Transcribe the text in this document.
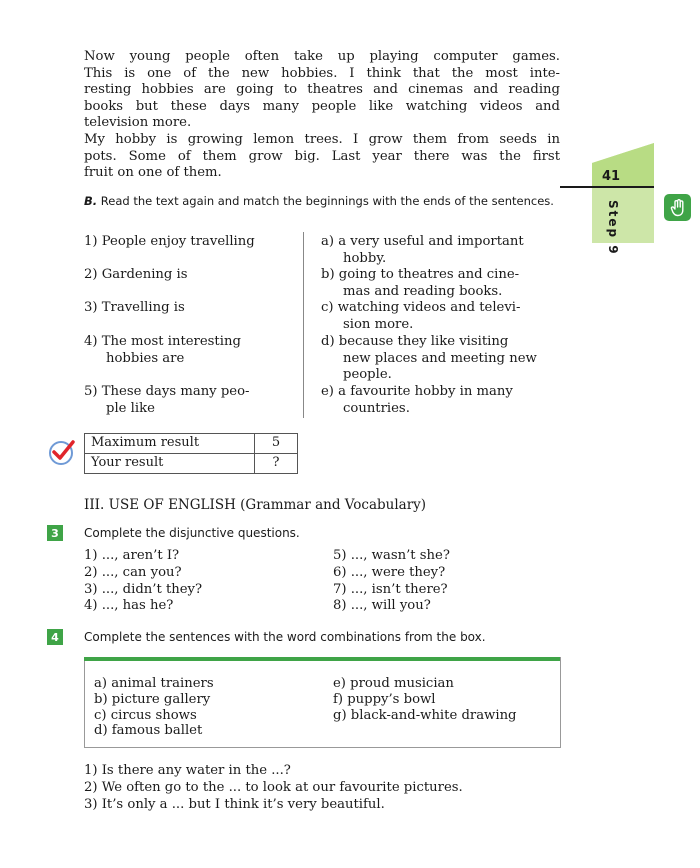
Now young people often take up playing computer games.
This is one of the new hobbies. I think that the most inte-
resting hobbies are going to theatres and cinemas and reading
books but these days many people like watching videos and
television more.
My hobby is growing lemon trees. I grow them from seeds in
pots. Some of them grow big. Last year there was the first
fruit on one of them.	41
Step 9
B. Read the text again and match the beginnings with the ends of the sentences.
1) People enjoy travelling
2) Gardening is
3) Travelling is
4) The most interesting
hobbies are
5) These days many peo-
ple like
a) a very useful and important
hobby.
b) going to theatres and cine-
mas and reading books.
c) watching videos and televi-
sion more.
d) because they like visiting
new places and meeting new
people.
e) a favourite hobby in many
countries.
Maximum result	5
Your result	?
III. USE OF ENGLISH (Grammar and Vocabulary)
3	Complete the disjunctive questions.
1) ..., aren’t I?
2) ..., can you?
3) ..., didn’t they?
4) ..., has he?
5) ..., wasn’t she?
6) ..., were they?
7) ..., isn’t there?
8) ..., will you?
4	Complete the sentences with the word combinations from the box.
a) animal trainers
b) picture gallery
c) circus shows
d) famous ballet
e) proud musician
f) puppy’s bowl
g) black-and-white drawing
1) Is there any water in the ...?
2) We often go to the ... to look at our favourite pictures.
3) It’s only a ... but I think it’s very beautiful.
